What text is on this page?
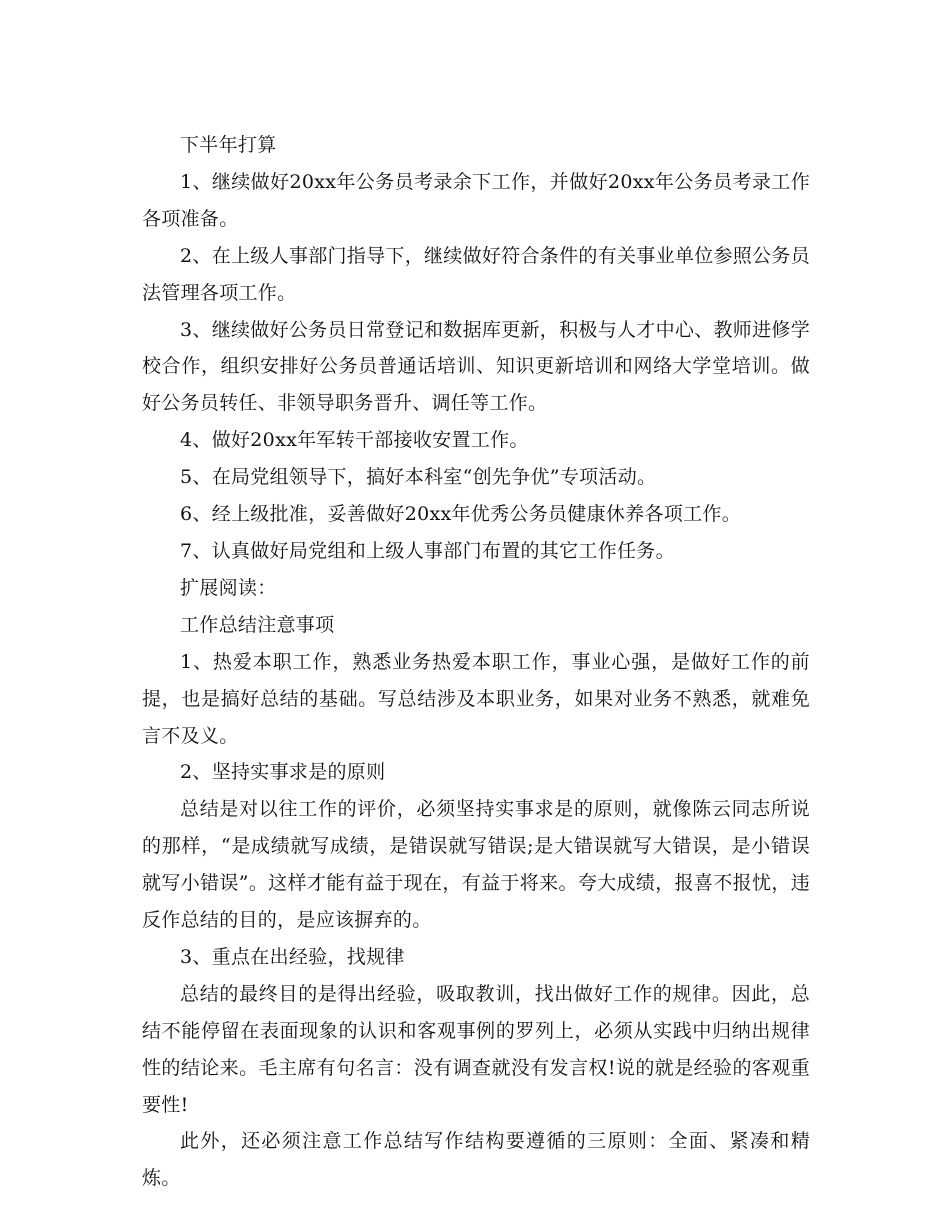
下半年打算

1、继续做好20xx年公务员考录余下工作，并做好20xx年公务员考录工作各项准备。

2、在上级人事部门指导下，继续做好符合条件的有关事业单位参照公务员法管理各项工作。

3、继续做好公务员日常登记和数据库更新，积极与人才中心、教师进修学校合作，组织安排好公务员普通话培训、知识更新培训和网络大学堂培训。做好公务员转任、非领导职务晋升、调任等工作。

4、做好20xx年军转干部接收安置工作。

5、在局党组领导下，搞好本科室“创先争优”专项活动。

6、经上级批准，妥善做好20xx年优秀公务员健康休养各项工作。

7、认真做好局党组和上级人事部门布置的其它工作任务。

扩展阅读：

工作总结注意事项

1、热爱本职工作，熟悉业务热爱本职工作，事业心强，是做好工作的前提，也是搞好总结的基础。写总结涉及本职业务，如果对业务不熟悉，就难免言不及义。

2、坚持实事求是的原则

总结是对以往工作的评价，必须坚持实事求是的原则，就像陈云同志所说的那样，“是成绩就写成绩，是错误就写错误;是大错误就写大错误，是小错误就写小错误”。这样才能有益于现在，有益于将来。夸大成绩，报喜不报忧，违反作总结的目的，是应该摒弃的。

3、重点在出经验，找规律

总结的最终目的是得出经验，吸取教训，找出做好工作的规律。因此，总结不能停留在表面现象的认识和客观事例的罗列上，必须从实践中归纳出规律性的结论来。毛主席有句名言：没有调查就没有发言权!说的就是经验的客观重要性!

此外，还必须注意工作总结写作结构要遵循的三原则：全面、紧凑和精炼。
